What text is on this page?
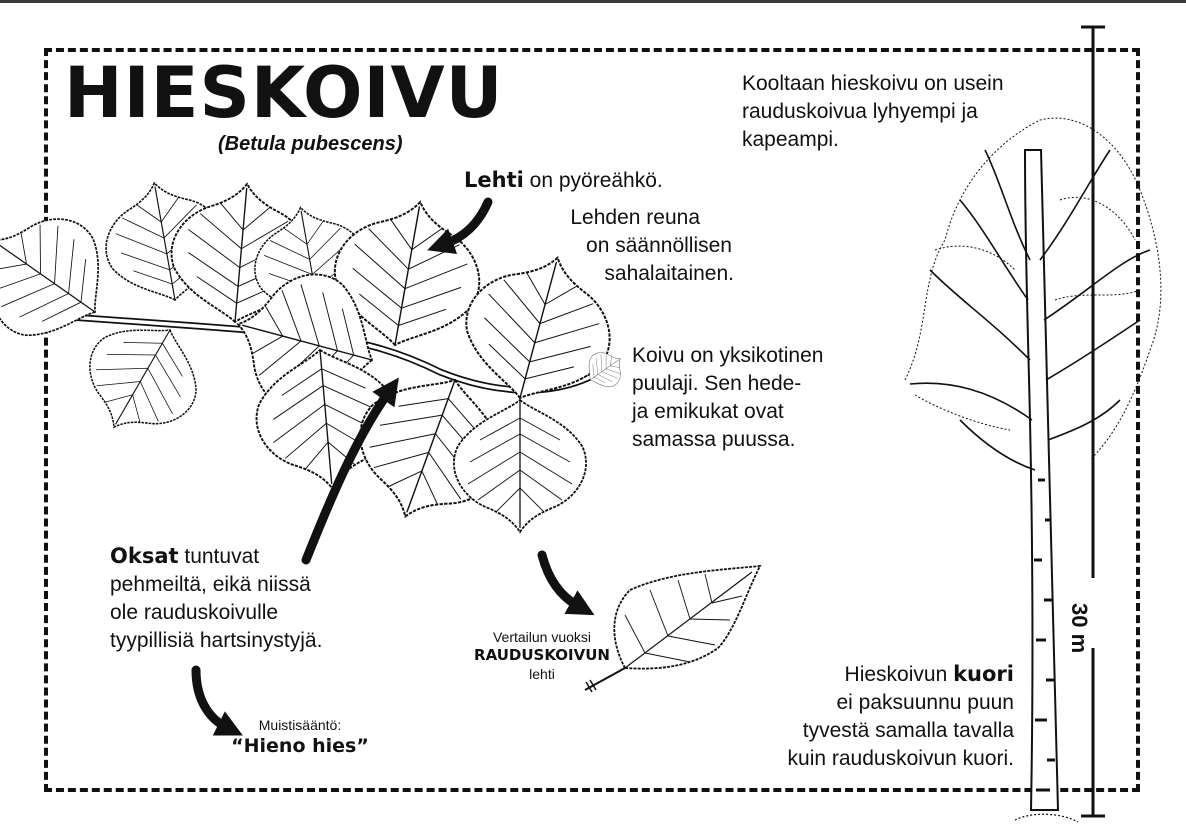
HIESKOIVU
(Betula pubescens)
Kooltaan hieskoivu on usein rauduskoivua lyhyempi ja kapeampi.
Lehti on pyöreähkö.
Lehden reuna
on säännöllisen
sahalaitainen.
Koivu on yksikotinen
puulaji. Sen hede-
ja emikukat ovat
samassa puussa.
Oksat tuntuvat
pehmeiltä, eikä niissä
ole rauduskoivulle
tyypillisiä hartsinystyjä.
Muistisääntö:
“Hieno hies”
Vertailun vuoksi
RAUDUSKOIVUN
lehti	Hieskoivun kuori
ei paksuunnu puun
tyvestä samalla tavalla
kuin rauduskoivun kuori.
30 m
